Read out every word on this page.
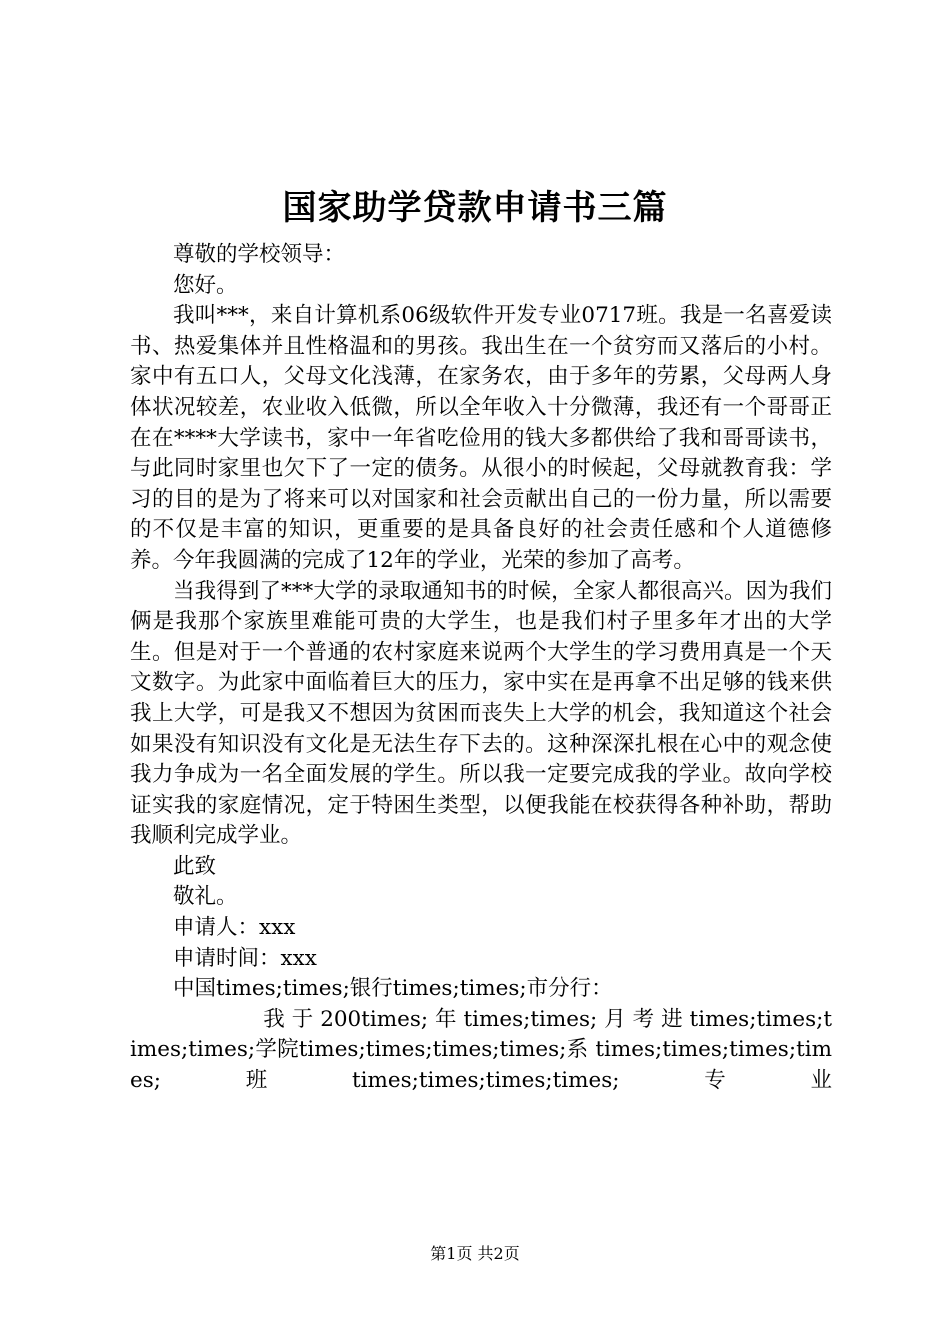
国家助学贷款申请书三篇

尊敬的学校领导：

您好。

我叫***，来自计算机系06级软件开发专业0717班。我是一名喜爱读书、热爱集体并且性格温和的男孩。我出生在一个贫穷而又落后的小村。家中有五口人，父母文化浅薄，在家务农，由于多年的劳累，父母两人身体状况较差，农业收入低微，所以全年收入十分微薄，我还有一个哥哥正在在****大学读书，家中一年省吃俭用的钱大多都供给了我和哥哥读书，与此同时家里也欠下了一定的债务。从很小的时候起，父母就教育我：学习的目的是为了将来可以对国家和社会贡献出自己的一份力量，所以需要的不仅是丰富的知识，更重要的是具备良好的社会责任感和个人道德修养。今年我圆满的完成了12年的学业，光荣的参加了高考。

当我得到了***大学的录取通知书的时候，全家人都很高兴。因为我们俩是我那个家族里难能可贵的大学生，也是我们村子里多年才出的大学生。但是对于一个普通的农村家庭来说两个大学生的学习费用真是一个天文数字。为此家中面临着巨大的压力，家中实在是再拿不出足够的钱来供我上大学，可是我又不想因为贫困而丧失上大学的机会，我知道这个社会如果没有知识没有文化是无法生存下去的。这种深深扎根在心中的观念使我力争成为一名全面发展的学生。所以我一定要完成我的学业。故向学校证实我的家庭情况，定于特困生类型，以便我能在校获得各种补助，帮助我顺利完成学业。

此致

敬礼。

申请人：xxx

申请时间：xxx

中国times;times;银行times;times;市分行：

我 于 200times; 年 times;times; 月 考 进 times;times;times;times;学院times;times;times;times;系 times;times;times;times;班times;times;times;times;专业

第1页 共2页
